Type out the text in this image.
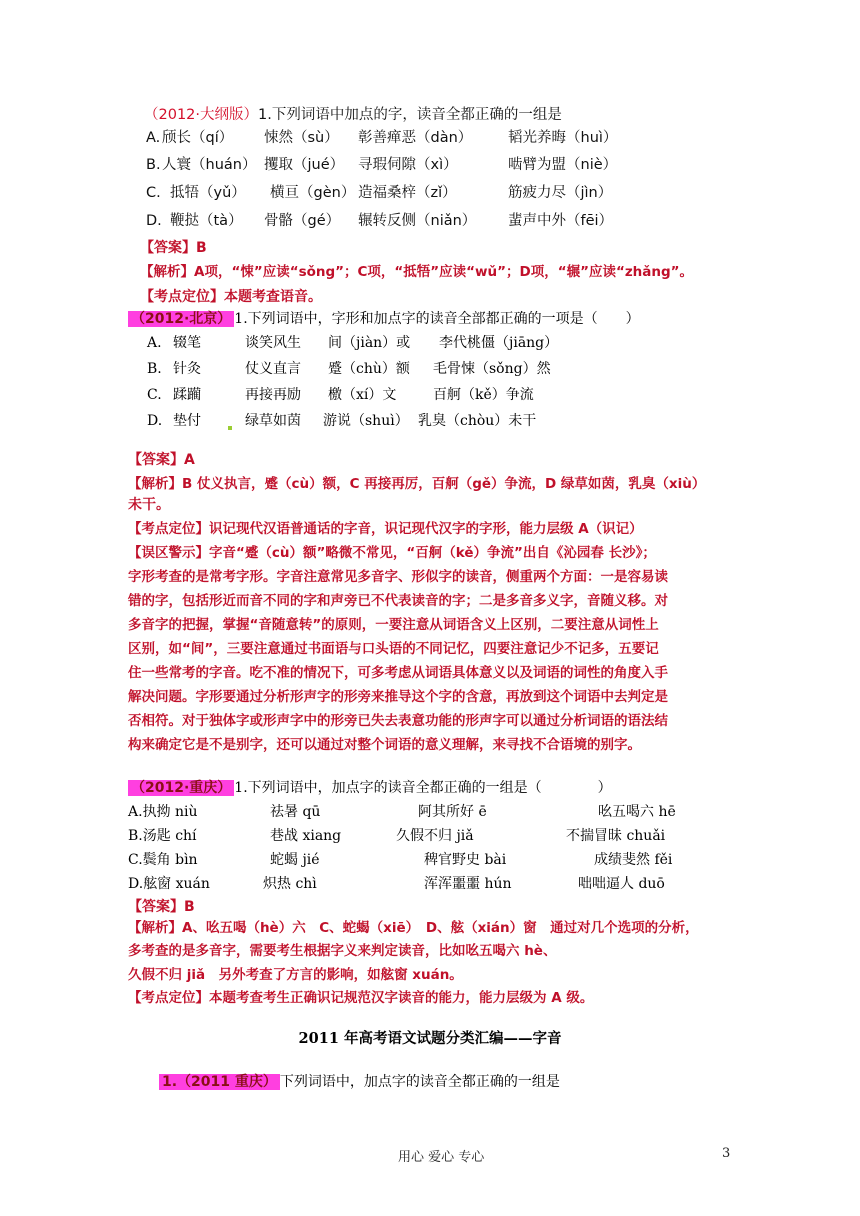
（2012·大纲版）1.下列词语中加点的字，读音全都正确的一组是
A. 颀长（qí） 悚然（sù） 彰善瘅恶（dàn） 韬光养晦（huì）
B. 人寰（huán） 攫取（jué） 寻瑕伺隙（xì）	啮臂为盟（niè）
C. 抵牾（yǔ） 横亘（gèn） 造福桑梓（zǐ）	筋疲力尽（jìn）
D. 鞭挞（tà） 骨骼（gé） 辗转反侧（niǎn） 蜚声中外（fēi）
【答案】B
【解析】A项，“悚”应读“sǒng”；C项，“抵牾”应读“wǔ”；D项，“辗”应读“zhǎng”。
【考点定位】本题考查语音。
（2012·北京） 1.下列词语中，字形和加点字的读音全部都正确的一项是（　　）
A. 辍笔	谈笑风生 间（jiàn）或 李代桃僵（jiāng）
B. 针灸	仗义直言 蹙（chù）额 毛骨悚（sǒng）然
C. 蹂躏	再接再励 檄（xí）文	百舸（kě）争流
D. 垫付	绿草如茵 游说（shuì） 乳臭（chòu）未干
【答案】A
【解析】B 仗义执言，蹙（cù）额，C 再接再厉，百舸（gě）争流，D 绿草如茵，乳臭（xiù）
未干。
【考点定位】识记现代汉语普通话的字音，识记现代汉字的字形，能力层级 A（识记）
【误区警示】字音“蹙（cù）额”略微不常见，“百舸（kě）争流”出自《沁园春 长沙》；
字形考查的是常考字形。字音注意常见多音字、形似字的读音，侧重两个方面：一是容易读
错的字，包括形近而音不同的字和声旁已不代表读音的字；二是多音多义字，音随义移。对
多音字的把握，掌握“音随意转”的原则，一要注意从词语含义上区别，二要注意从词性上
区别，如“间”，三要注意通过书面语与口头语的不同记忆，四要注意记少不记多，五要记
住一些常考的字音。吃不准的情况下，可多考虑从词语具体意义以及词语的词性的角度入手
解决问题。字形要通过分析形声字的形旁来推导这个字的含意，再放到这个词语中去判定是
否相符。对于独体字或形声字中的形旁已失去表意功能的形声字可以通过分析词语的语法结
构来确定它是不是别字，还可以通过对整个词语的意义理解，来寻找不合语境的别字。
（2012·重庆） 1.下列词语中，加点字的读音全都正确的一组是（　　　　）
A.执拗 niù	祛暑 qū	阿其所好 ē	吆五喝六 hē
B.汤匙 chí	巷战 xiang	久假不归 jiǎ	不揣冒昧 chuǎi
C.鬓角 bìn	蛇蝎 jié	稗官野史 bài	成绩斐然 fěi
D.舷窗 xuán	炽热 chì	浑浑噩噩 hún	咄咄逼人 duō
【答案】B
【解析】A、吆五喝（hè）六　C、蛇蝎（xiē）　D、舷（xián）窗　通过对几个选项的分析，
多考查的是多音字，需要考生根据字义来判定读音，比如吆五喝六 hè、
久假不归 jiǎ　另外考查了方言的影响，如舷窗 xuán。
【考点定位】本题考查考生正确识记规范汉字读音的能力，能力层级为 A 级。
2011 年高考语文试题分类汇编——字音
1.（2011 重庆） 下列词语中，加点字的读音全都正确的一组是
用心 爱心 专心	3
